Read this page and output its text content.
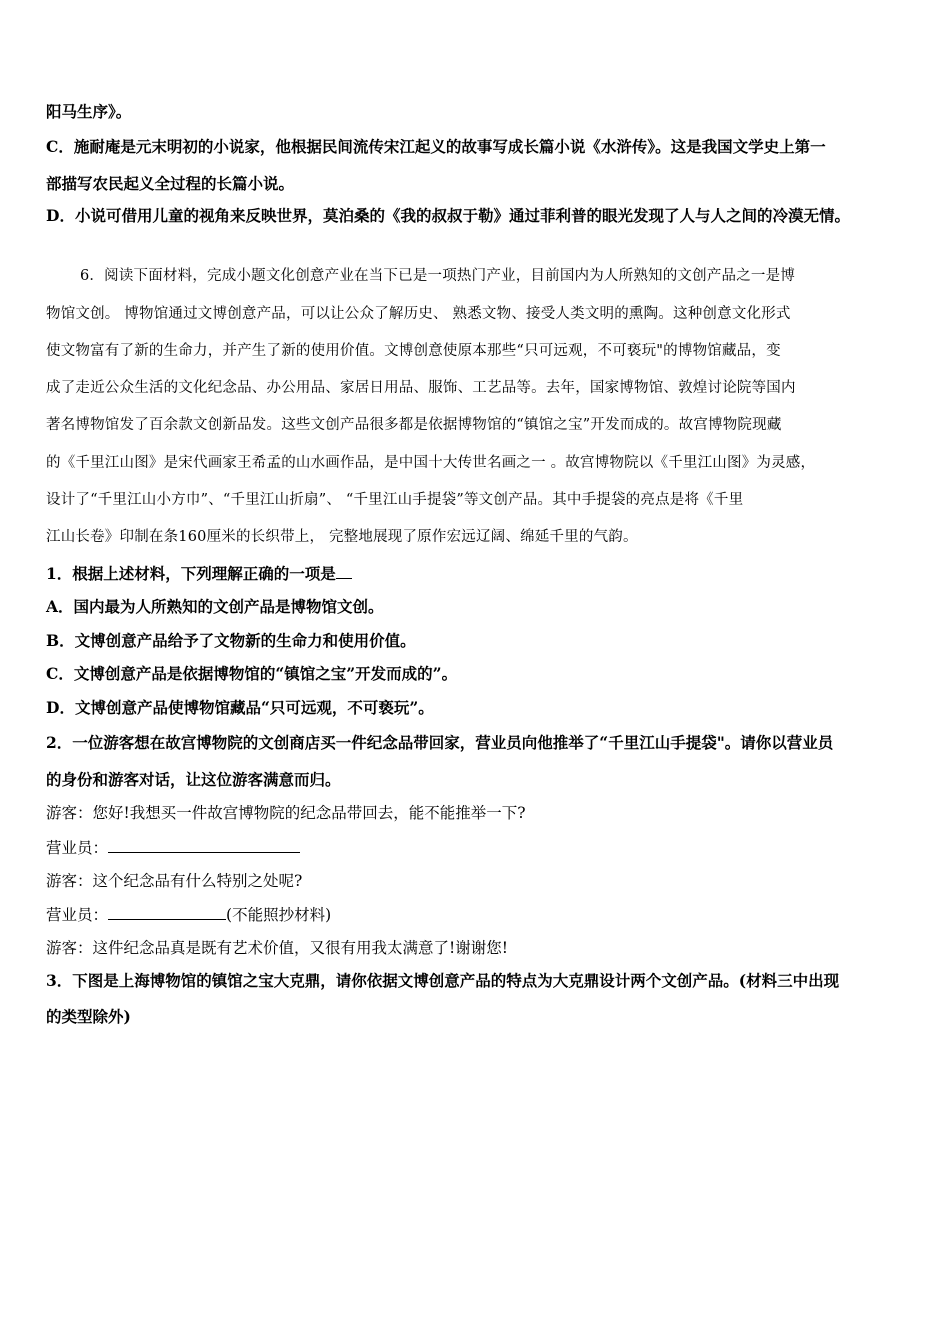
阳马生序》。
C．施耐庵是元末明初的小说家，他根据民间流传宋江起义的故事写成长篇小说《水浒传》。这是我国文学史上第一
部描写农民起义全过程的长篇小说。
D．小说可借用儿童的视角来反映世界，莫泊桑的《我的叔叔于勒》通过菲利普的眼光发现了人与人之间的冷漠无情。
6．阅读下面材料，完成小题文化创意产业在当下已是一项热门产业，目前国内为人所熟知的文创产品之一是博
物馆文创。 博物馆通过文博创意产品，可以让公众了解历史、 熟悉文物、接受人类文明的熏陶。这种创意文化形式
使文物富有了新的生命力，并产生了新的使用价值。文博创意使原本那些“只可远观，不可亵玩"的博物馆藏品，变
成了走近公众生活的文化纪念品、办公用品、家居日用品、服饰、工艺品等。去年，国家博物馆、敦煌讨论院等国内
著名博物馆发了百余款文创新品发。这些文创产品很多都是依据博物馆的“镇馆之宝”开发而成的。故宫博物院现藏
的《千里江山图》是宋代画家王希孟的山水画作品，是中国十大传世名画之一 。故宫博物院以《千里江山图》为灵感，
设计了“千里江山小方巾”、“千里江山折扇”、 “千里江山手提袋”等文创产品。其中手提袋的亮点是将《千里
江山长卷》印制在条160厘米的长织带上， 完整地展现了原作宏远辽阔、绵延千里的气韵。
1．根据上述材料，下列理解正确的一项是
A．国内最为人所熟知的文创产品是博物馆文创。
B．文博创意产品给予了文物新的生命力和使用价值。
C．文博创意产品是依据博物馆的“镇馆之宝”开发而成的”。
D．文博创意产品使博物馆藏品“只可远观，不可亵玩”。
2．一位游客想在故宫博物院的文创商店买一件纪念品带回家，营业员向他推举了“千里江山手提袋"。请你以营业员
的身份和游客对话，让这位游客满意而归。
游客：您好!我想买一件故宫博物院的纪念品带回去，能不能推举一下?
营业员：
游客：这个纪念品有什么特别之处呢?
营业员：	(不能照抄材料)
游客：这件纪念品真是既有艺术价值，又很有用我太满意了!谢谢您!
3．下图是上海博物馆的镇馆之宝大克鼎，请你依据文博创意产品的特点为大克鼎设计两个文创产品。(材料三中出现
的类型除外)
